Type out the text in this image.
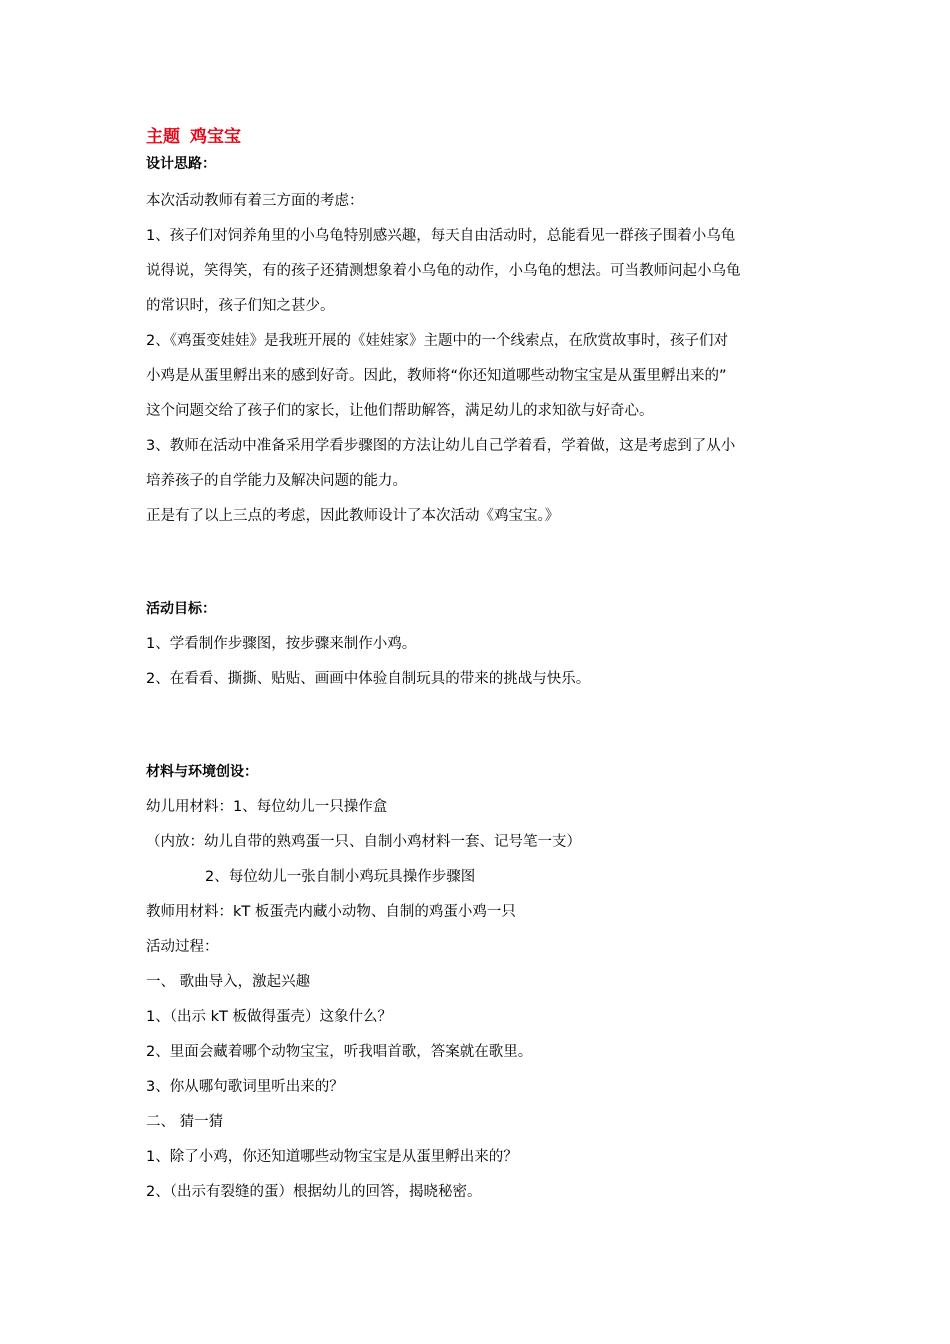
主题 鸡宝宝

设计思路：

本次活动教师有着三方面的考虑：

1、孩子们对饲养角里的小乌龟特别感兴趣，每天自由活动时，总能看见一群孩子围着小乌龟

说得说，笑得笑，有的孩子还猜测想象着小乌龟的动作，小乌龟的想法。可当教师问起小乌龟

的常识时，孩子们知之甚少。

2、《鸡蛋变娃娃》是我班开展的《娃娃家》主题中的一个线索点，在欣赏故事时，孩子们对

小鸡是从蛋里孵出来的感到好奇。因此，教师将“你还知道哪些动物宝宝是从蛋里孵出来的”

这个问题交给了孩子们的家长，让他们帮助解答，满足幼儿的求知欲与好奇心。

3、教师在活动中准备采用学看步骤图的方法让幼儿自己学着看，学着做，这是考虑到了从小

培养孩子的自学能力及解决问题的能力。

正是有了以上三点的考虑，因此教师设计了本次活动《鸡宝宝。》

活动目标：

1、学看制作步骤图，按步骤来制作小鸡。

2、在看看、撕撕、贴贴、画画中体验自制玩具的带来的挑战与快乐。

材料与环境创设：

幼儿用材料：1、每位幼儿一只操作盒

（内放：幼儿自带的熟鸡蛋一只、自制小鸡材料一套、记号笔一支）

2、每位幼儿一张自制小鸡玩具操作步骤图

教师用材料：kT 板蛋壳内藏小动物、自制的鸡蛋小鸡一只

活动过程：

一、 歌曲导入，激起兴趣

1、（出示 kT 板做得蛋壳）这象什么？

2、里面会藏着哪个动物宝宝，听我唱首歌，答案就在歌里。

3、你从哪句歌词里听出来的？

二、 猜一猜

1、除了小鸡，你还知道哪些动物宝宝是从蛋里孵出来的？

2、（出示有裂缝的蛋）根据幼儿的回答，揭晓秘密。
